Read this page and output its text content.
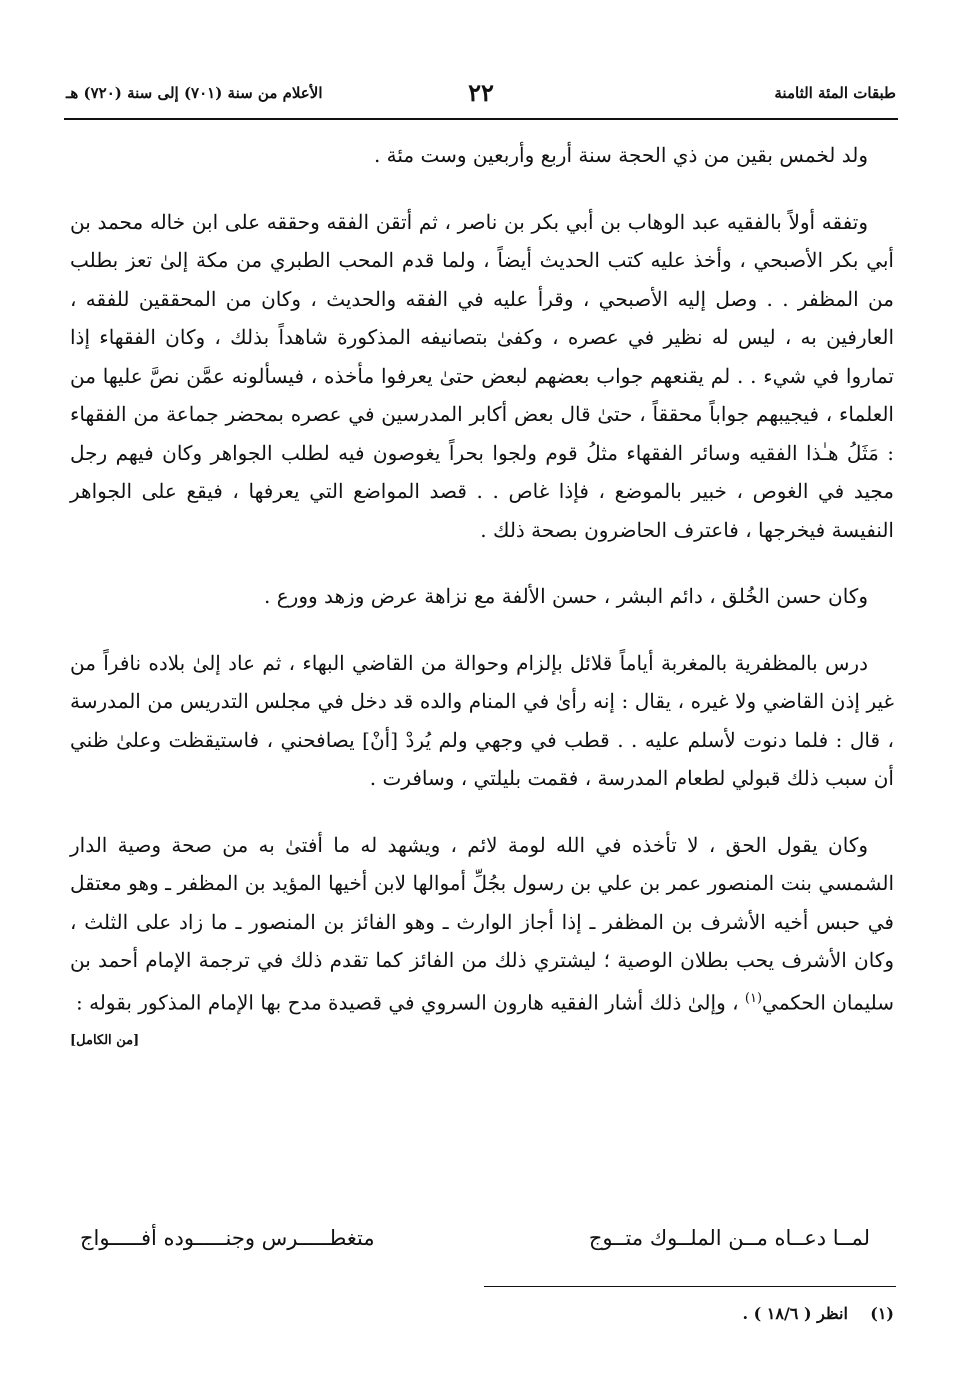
طبقات المئة الثامنة
٢٢
الأعلام من سنة (٧٠١) إلى سنة (٧٢٠) هـ

ولد لخمس بقين من ذي الحجة سنة أربع وأربعين وست مئة .

وتفقه أولاً بالفقيه عبد الوهاب بن أبي بكر بن ناصر ، ثم أتقن الفقه وحققه على ابن خاله محمد بن أبي بكر الأصبحي ، وأخذ عليه كتب الحديث أيضاً ، ولما قدم المحب الطبري من مكة إلىٰ تعز بطلب من المظفر . . وصل إليه الأصبحي ، وقرأ عليه في الفقه والحديث ، وكان من المحققين للفقه ، العارفين به ، ليس له نظير في عصره ، وكفىٰ بتصانيفه المذكورة شاهداً بذلك ، وكان الفقهاء إذا تماروا في شيء . . لم يقنعهم جواب بعضهم لبعض حتىٰ يعرفوا مأخذه ، فيسألونه عمَّن نصَّ عليها من العلماء ، فيجيبهم جواباً محققاً ، حتىٰ قال بعض أكابر المدرسين في عصره بمحضر جماعة من الفقهاء : مَثَلُ هـٰذا الفقيه وسائر الفقهاء مثلُ قوم ولجوا بحراً يغوصون فيه لطلب الجواهر وكان فيهم رجل مجيد في الغوص ، خبير بالموضع ، فإذا غاص . . قصد المواضع التي يعرفها ، فيقع على الجواهر النفيسة فيخرجها ، فاعترف الحاضرون بصحة ذلك .

وكان حسن الخُلق ، دائم البشر ، حسن الألفة مع نزاهة عرض وزهد وورع .

درس بالمظفرية بالمغربة أياماً قلائل بإلزام وحوالة من القاضي البهاء ، ثم عاد إلىٰ بلاده نافراً من غير إذن القاضي ولا غيره ، يقال : إنه رأىٰ في المنام والده قد دخل في مجلس التدريس من المدرسة ، قال : فلما دنوت لأسلم عليه . . قطب في وجهي ولم يُردْ [أنْ] يصافحني ، فاستيقظت وعلىٰ ظني أن سبب ذلك قبولي لطعام المدرسة ، فقمت بليلتي ، وسافرت .

وكان يقول الحق ، لا تأخذه في الله لومة لائم ، ويشهد له ما أفتىٰ به من صحة وصية الدار الشمسي بنت المنصور عمر بن علي بن رسول بجُلِّ أموالها لابن أخيها المؤيد بن المظفر ـ وهو معتقل في حبس أخيه الأشرف بن المظفر ـ إذا أجاز الوارث ـ وهو الفائز بن المنصور ـ ما زاد على الثلث ، وكان الأشرف يحب بطلان الوصية ؛ ليشتري ذلك من الفائز كما تقدم ذلك في ترجمة الإمام أحمد بن سليمان الحكمي$^{(١)}$ ، وإلىٰ ذلك أشار الفقيه هارون السروي في قصيدة مدح بها الإمام المذكور بقوله :
[من الكامل]

لمــا دعــاه مــن الملــوك متــوج
متغطـــــرس وجنـــــوده أفـــــواج
(١)    انظر ( ١٨/٦ ) .
